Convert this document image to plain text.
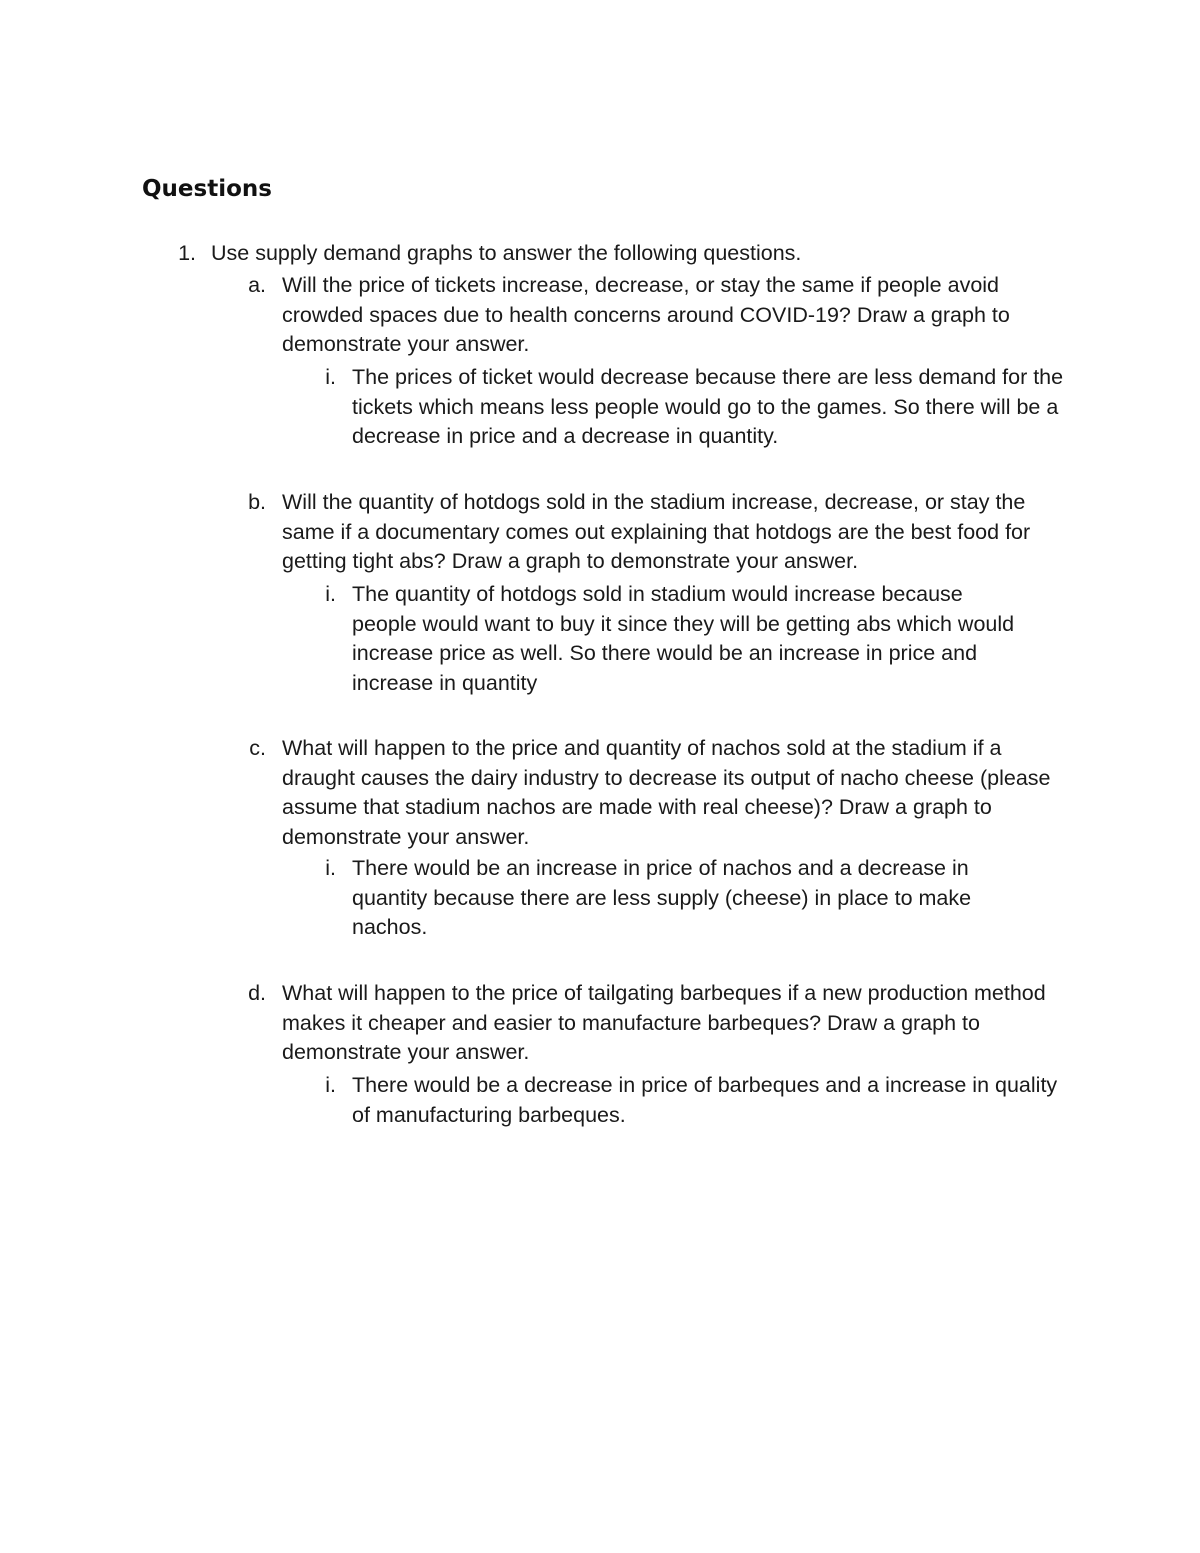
Questions
1. Use supply demand graphs to answer the following questions.

a. Will the price of tickets increase, decrease, or stay the same if people avoid crowded spaces due to health concerns around COVID-19? Draw a graph to demonstrate your answer.

i. The prices of ticket would decrease because there are less demand for the tickets which means less people would go to the games. So there will be a decrease in price and a decrease in quantity.

b. Will the quantity of hotdogs sold in the stadium increase, decrease, or stay the same if a documentary comes out explaining that hotdogs are the best food for getting tight abs? Draw a graph to demonstrate your answer.

i. The quantity of hotdogs sold in stadium would increase because people would want to buy it since they will be getting abs which would increase price as well. So there would be an increase in price and increase in quantity

c. What will happen to the price and quantity of nachos sold at the stadium if a draught causes the dairy industry to decrease its output of nacho cheese (please assume that stadium nachos are made with real cheese)? Draw a graph to demonstrate your answer.

i. There would be an increase in price of nachos and a decrease in quantity because there are less supply (cheese) in place to make nachos.

d. What will happen to the price of tailgating barbeques if a new production method makes it cheaper and easier to manufacture barbeques? Draw a graph to demonstrate your answer.

i. There would be a decrease in price of barbeques and a increase in quality of manufacturing barbeques.
